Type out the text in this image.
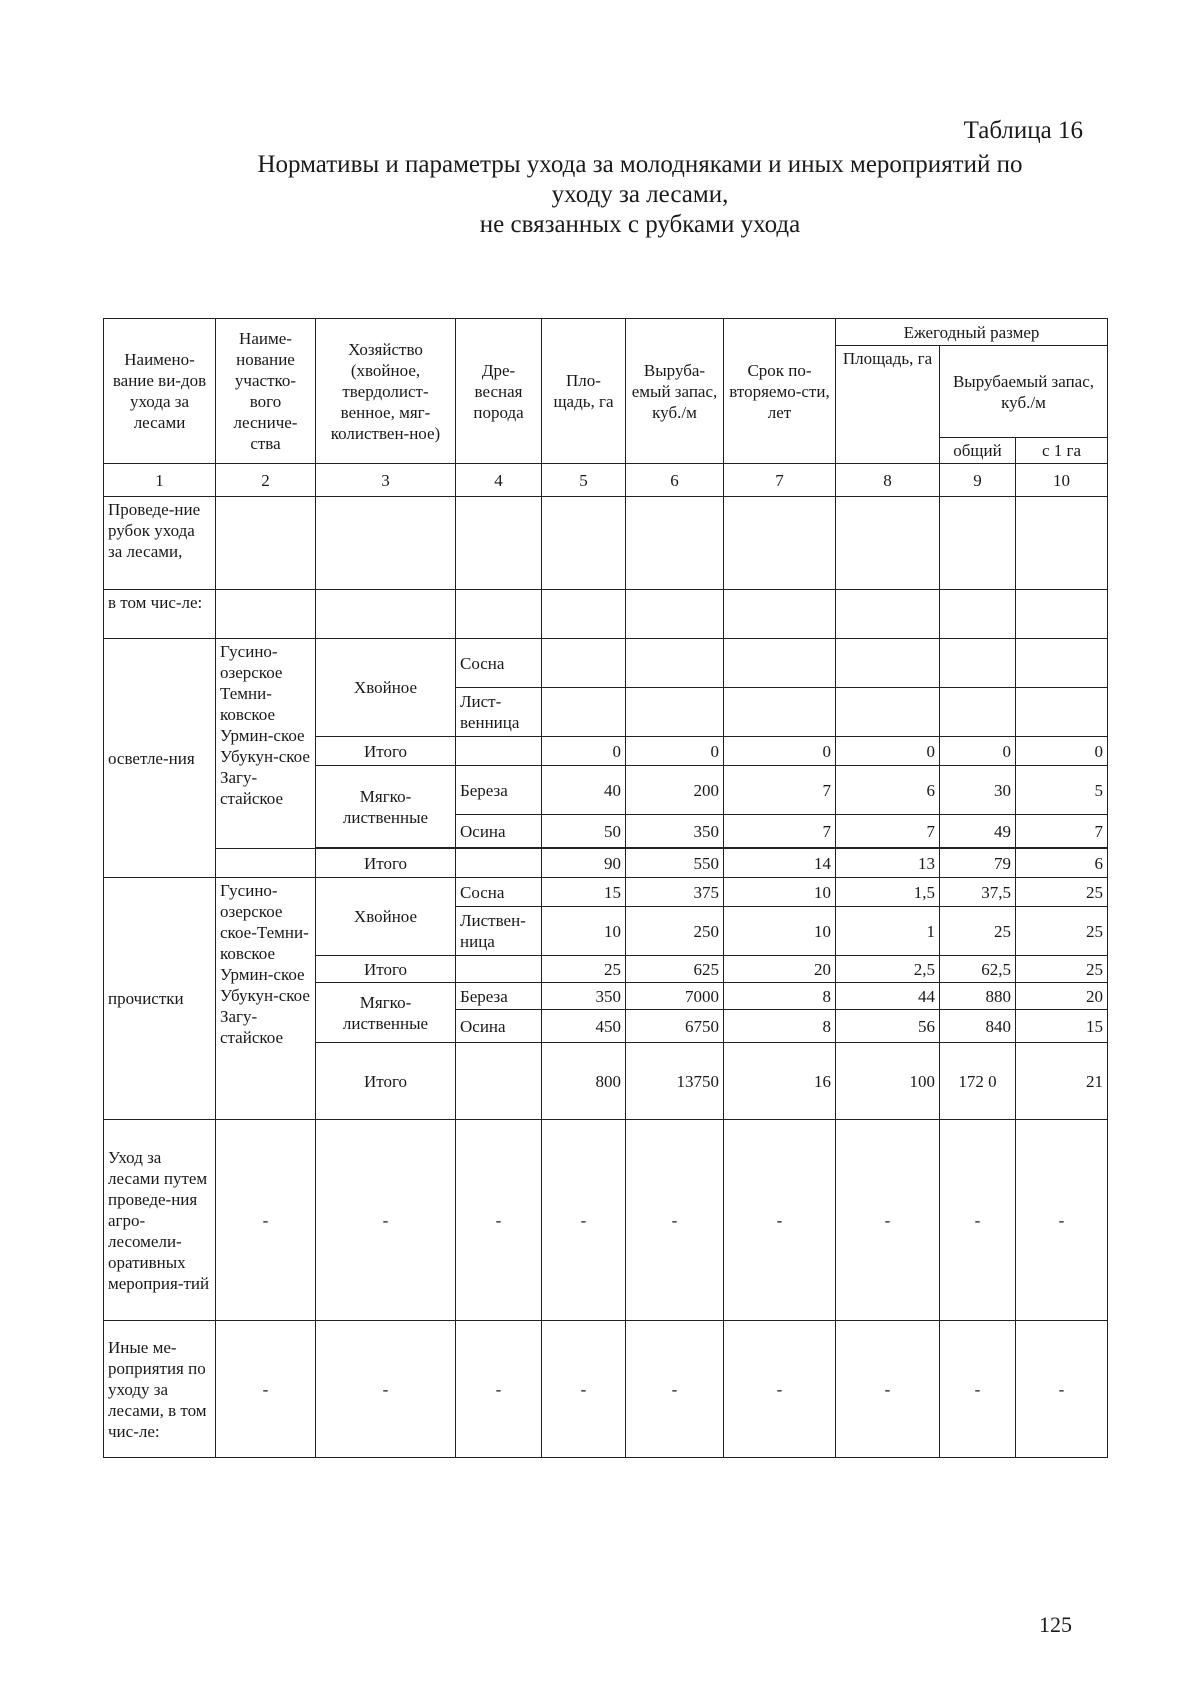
Таблица 16
Нормативы и параметры ухода за молодняками и иных мероприятий по
уходу за лесами,
не связанных с рубками ухода
Наимено-вание ви-дов ухода за лесами	Наиме-нование участко-вого лесниче-ства	Хозяйство (хвойное, твердолист-венное, мяг-колиствен-ное)	Дре-весная порода	Пло-щадь, га	Выруба-емый запас, куб./м	Срок по-вторяемо-сти, лет	Ежегодный размер			
							Площадь, га	Вырубаемый запас, куб./м		
								общий	с 1 га	
1	2	3	4	5	6	7	8	9	10	
Проведе-ние рубок ухода за лесами,										
в том чис-ле:										
осветле-ния	Гусино-озерское Темни-ковское Урмин-ское Убукун-ское Загу-стайское	Хвойное	Сосна							
			Лист-венница							
		Итого		0	0	0	0	0	0	
		Мягко-лиственные	Береза	40	200	7	6	30	5	
			Осина	50	350	7	7	49	7	

		Итого		90	550	14	13	79	6	
прочистки	Гусино-озерское ское-Темни-ковское Урмин-ское Убукун-ское Загу-стайское	Хвойное	Сосна	15	375	10	1,5	37,5	25	
			Листвен-ница	10	250	10	1	25	25	
		Итого		25	625	20	2,5	62,5	25	
		Мягко-лиственные	Береза	350	7000	8	44	880	20	
			Осина	450	6750	8	56	840	15	
		Итого		800	13750	16	100	172 0	21	
Уход за лесами путем проведе-ния агро-лесомели-оративных мероприя-тий	-	-	-	-	-	-	-	-	-	
Иные ме-роприятия по уходу за лесами, в том чис-ле:	-	-	-	-	-	-	-	-	-	
125
